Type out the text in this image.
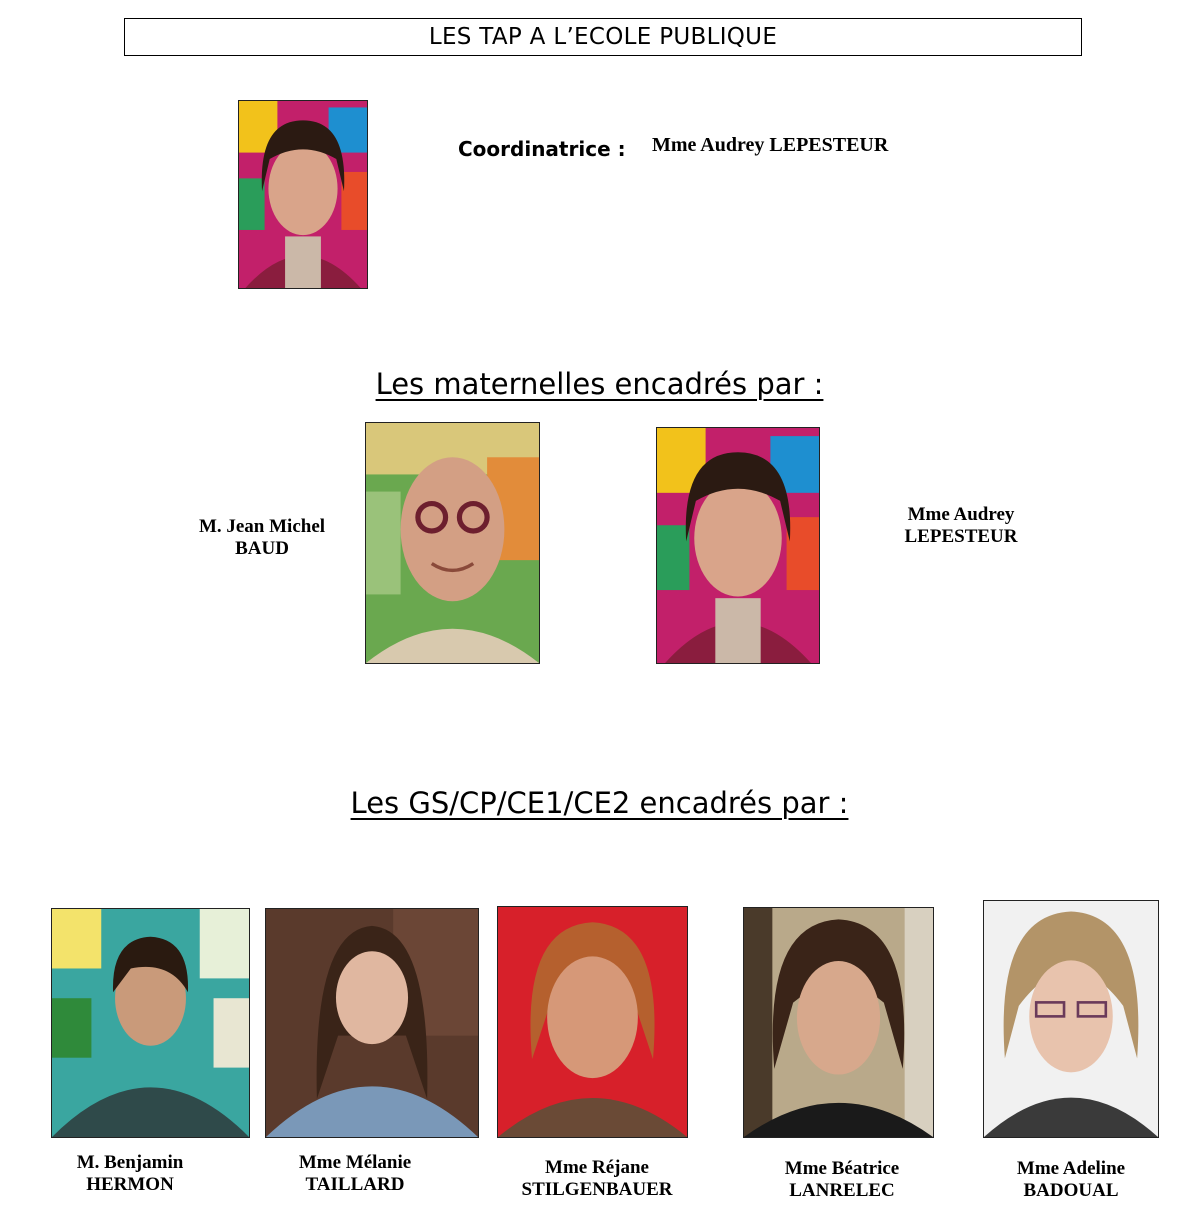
LES TAP A L’ECOLE PUBLIQUE
Coordinatrice : Mme Audrey LEPESTEUR
Les maternelles encadrés par :
M. Jean Michel
BAUD
Mme Audrey
LEPESTEUR
Les GS/CP/CE1/CE2 encadrés par :
M. Benjamin
HERMON
Mme Mélanie
TAILLARD
Mme Réjane
STILGENBAUER
Mme Béatrice
LANRELEC
Mme Adeline
BADOUAL
